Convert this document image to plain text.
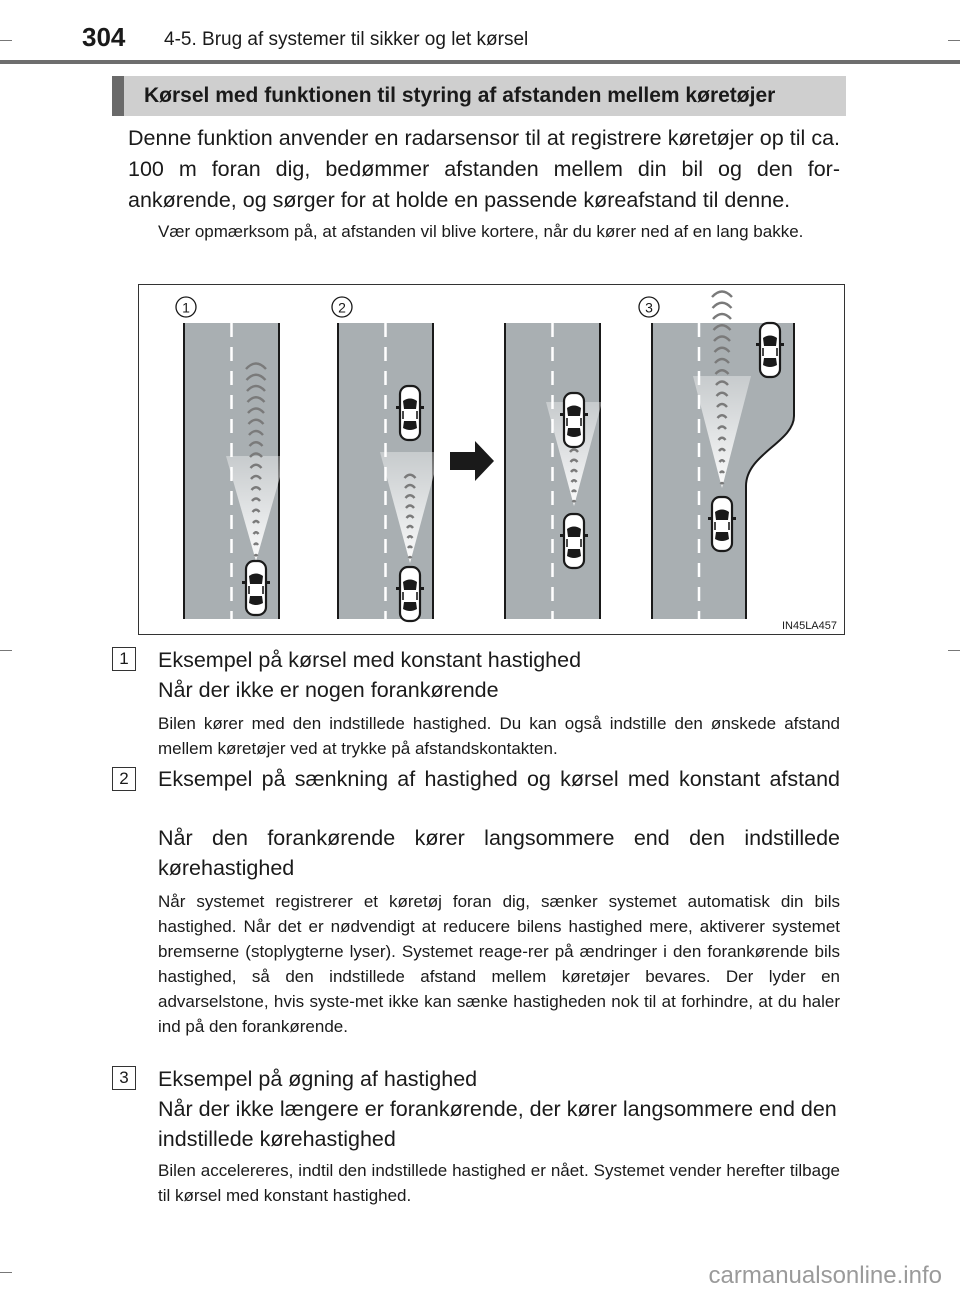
304 4-5. Brug af systemer til sikker og let kørsel
Kørsel med funktionen til styring af afstanden mellem køretøjer

Denne funktion anvender en radarsensor til at registrere køretøjer op til ca. 100 m foran dig, bedømmer afstanden mellem din bil og den for-ankørende, og sørger for at holde en passende køreafstand til denne.

Vær opmærksom på, at afstanden vil blive kortere, når du kører ned af en lang bakke.

1	2	3
IN45LA457
1	Eksempel på kørsel med konstant hastighed

Når der ikke er nogen forankørende

Bilen kører med den indstillede hastighed. Du kan også indstille den ønskede afstand mellem køretøjer ved at trykke på afstandskontakten.

2	Eksempel på sænkning af hastighed og kørsel med konstant afstand

Når den forankørende kører langsommere end den indstillede kørehastighed

Når systemet registrerer et køretøj foran dig, sænker systemet automatisk din bils hastighed. Når det er nødvendigt at reducere bilens hastighed mere, aktiverer systemet bremserne (stoplygterne lyser). Systemet reage-rer på ændringer i den forankørende bils hastighed, så den indstillede afstand mellem køretøjer bevares. Der lyder en advarselstone, hvis syste-met ikke kan sænke hastigheden nok til at forhindre, at du haler ind på den forankørende.

3	Eksempel på øgning af hastighed

Når der ikke længere er forankørende, der kører langsommere end den indstillede kørehastighed

Bilen accelereres, indtil den indstillede hastighed er nået. Systemet vender herefter tilbage til kørsel med konstant hastighed.

carmanualsonline.info
